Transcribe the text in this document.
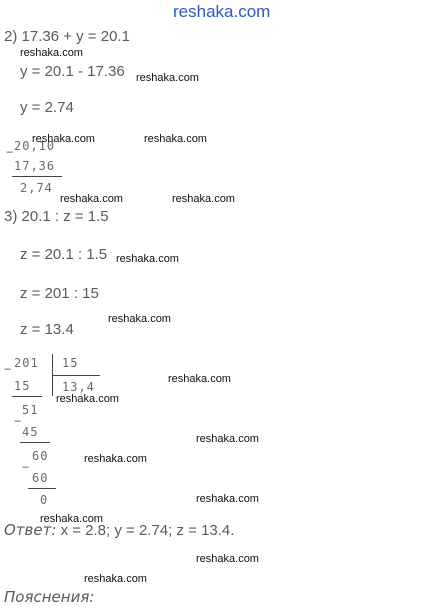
reshaka.com
2) 17.36 + y = 20.1
reshaka.com
y = 20.1 - 17.36 reshaka.com
y = 2.74
− 20,10
reshaka.com	reshaka.com
17,36
2,74
reshaka.com	reshaka.com
3) 20.1 : z = 1.5
z = 20.1 : 1.5 reshaka.com
z = 201 : 15
reshaka.com
z = 13.4
− 201 15
13,4
reshaka.com
15
reshaka.com
−
51
45	reshaka.com
−
60	reshaka.com
60
0	reshaka.com
reshaka.com
Ответ: x = 2.8; y = 2.74; z = 13.4.
reshaka.com
reshaka.com
Пояснения:
